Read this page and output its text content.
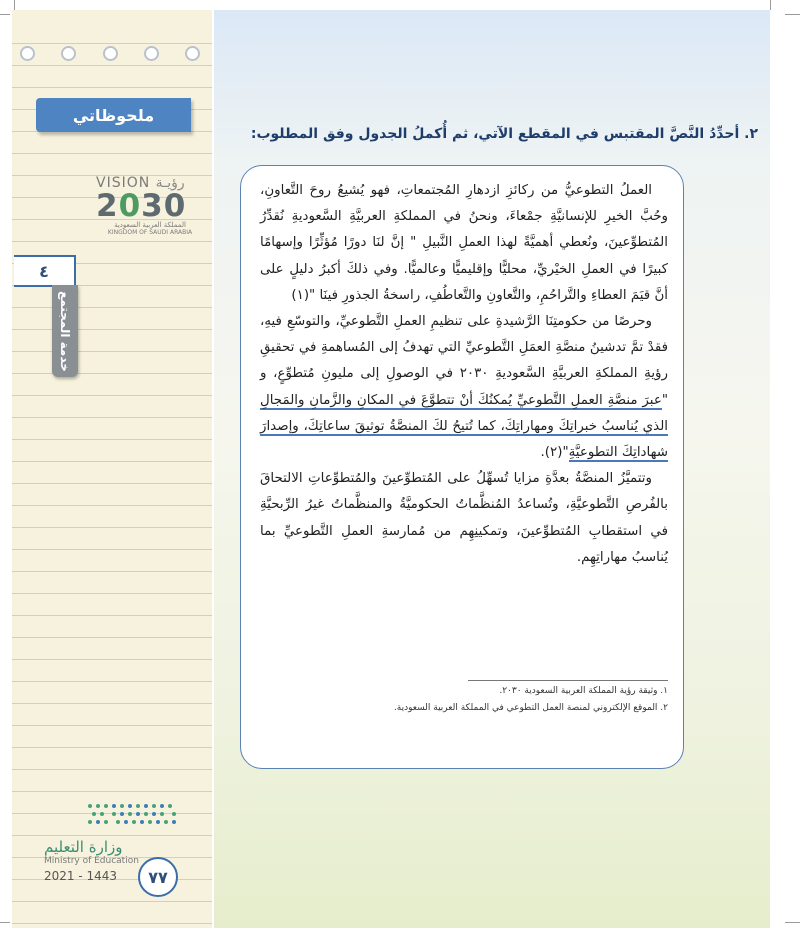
ملحوظاتي
VISION رؤيـة
2030
المملكة العربية السعودية
KINGDOM OF SAUDI ARABIA
٤
خدمة المجتمع
وزارة التعليم
Ministry of Education
2021 - 1443	٧٧
٢. أحدِّدُ النَّصَّ المقتبس في المقطع الآتي، ثم أُكملُ الجدول وفق المطلوب:

العملُ التطوعيُّ من ركائزِ ازدهارِ المُجتمعاتِ، فهو يُشيعُ روحَ التَّعاونِ، وحُبَّ الخيرِ للإنسانيَّةِ جمْعاءَ، ونحنُ في المملكةِ العربيَّةِ السَّعوديةِ نُقدِّرُ المُتطوِّعينَ، ونُعطي أهميَّةً لهذا العملِ النَّبيلِ " إنَّ لنَا دورًا مُؤثِّرًا وإسهامًا كبيرًا في العملِ الخيْريِّ، محليًّا وإقليميًّا وعالميًّا. وفي ذلكَ أكبرُ دليلٍ على أنَّ قيَمَ العطاءِ والتَّراحُمِ، والتَّعاونِ والتَّعاطُفِ، راسخةُ الجذورِ فينَا "(١)

وحرصًا من حكومتِنَا الرَّشيدةِ على تنظيمِ العملِ التَّطوعيِّ، والتوسّعِ فيهِ، فقدْ تمَّ تدشينُ منصَّةِ العمَلِ التَّطوعيِّ التي تهدفُ إلى المُساهمةِ في تحقيقِ رؤيةِ المملكةِ العربيَّةِ السَّعوديةِ ٢٠٣٠ في الوصولِ إلى مليونِ مُتطوِّعٍ، و "عبرَ منصَّةِ العملِ التَّطوعيِّ يُمكنُكَ أنْ تتطوَّعَ في المكانِ والزَّمانِ والمَجالِ الذي يُناسبُ خبراتِكَ ومهاراتِكَ، كما تُتيحُ لكَ المنصَّةُ توثيقَ ساعاتِكَ، وإصدارَ شهاداتِكَ التطوعيَّةِ"(٢).

وتتميَّزُ المنصَّةُ بعدَّةِ مزايا تُسهِّلُ على المُتطوِّعينَ والمُتطوِّعاتِ الالتحاقَ بالفُرصِ التَّطوعيَّةِ، وتُساعدُ المُنظَّماتُ الحكوميَّةُ والمنظَّماتُ غيرُ الرِّبحيَّةِ في استقطابِ المُتطوِّعينَ، وتمكينِهِم من مُمارسةِ العملِ التَّطوعيِّ بما يُناسبُ مهاراتِهِم.

١. وثيقة رؤية المملكة العربية السعودية ٢٠٣٠.
٢. الموقع الإلكتروني لمنصة العمل التطوعي في المملكة العربية السعودية.
